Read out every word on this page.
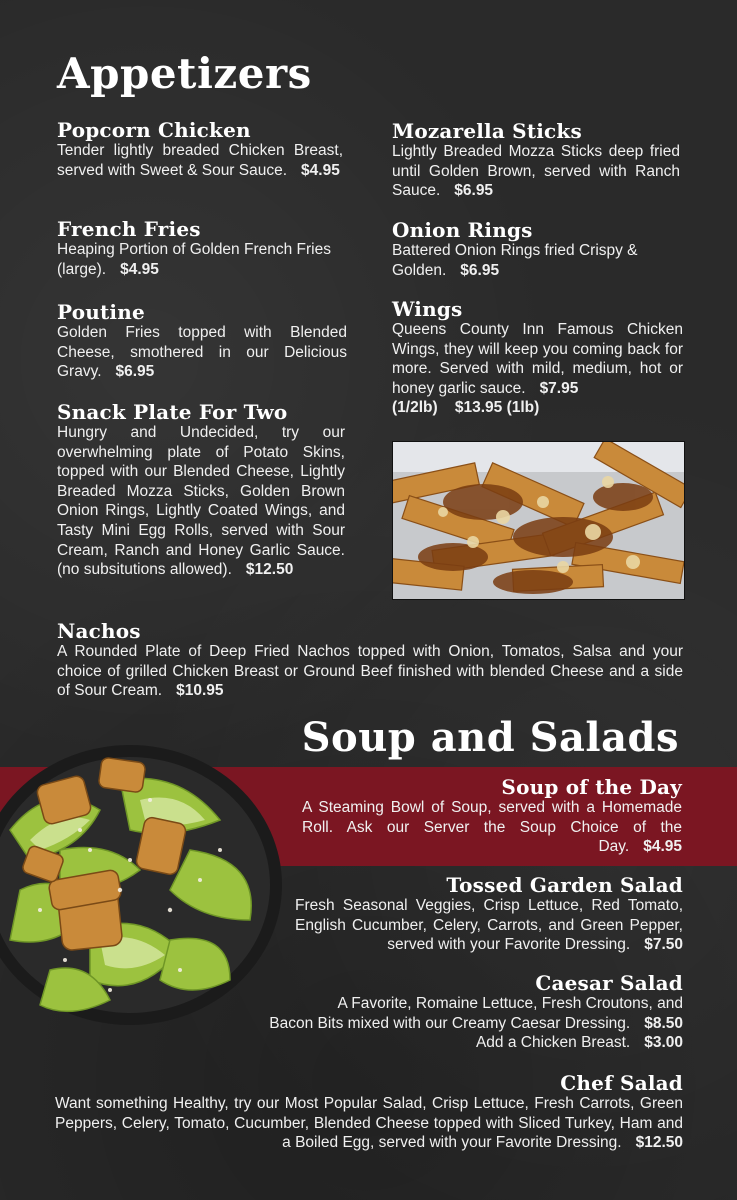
Appetizers
Popcorn Chicken

Tender lightly breaded Chicken Breast, served with Sweet & Sour Sauce. $4.95

French Fries

Heaping Portion of Golden French Fries (large). $4.95

Poutine

Golden Fries topped with Blended Cheese, smothered in our Delicious Gravy. $6.95

Snack Plate For Two

Hungry and Undecided, try our overwhelming plate of Potato Skins, topped with our Blended Cheese, Lightly Breaded Mozza Sticks, Golden Brown Onion Rings, Lightly Coated Wings, and Tasty Mini Egg Rolls, served with Sour Cream, Ranch and Honey Garlic Sauce. (no subsitutions allowed). $12.50

Mozarella Sticks

Lightly Breaded Mozza Sticks deep fried until Golden Brown, served with Ranch Sauce. $6.95

Onion Rings

Battered Onion Rings fried Crispy & Golden. $6.95

Wings

Queens County Inn Famous Chicken Wings, they will keep you coming back for more. Served with mild, medium, hot or honey garlic sauce. $7.95

(1/2lb)    $13.95 (1lb)

Nachos

A Rounded Plate of Deep Fried Nachos topped with Onion, Tomatos, Salsa and your choice of grilled Chicken Breast or Ground Beef finished with blended Cheese and a side of Sour Cream. $10.95

Soup and Salads
Soup of the Day

A Steaming Bowl of Soup, served with a Homemade Roll. Ask our Server the Soup Choice of the Day. $4.95

Tossed Garden Salad

Fresh Seasonal Veggies, Crisp Lettuce, Red Tomato, English Cucumber, Celery, Carrots, and Green Pepper, served with your Favorite Dressing. $7.50

Caesar Salad

A Favorite, Romaine Lettuce, Fresh Croutons, and

Bacon Bits mixed with our Creamy Caesar Dressing. $8.50

Add a Chicken Breast. $3.00

Chef Salad

Want something Healthy, try our Most Popular Salad, Crisp Lettuce, Fresh Carrots, Green Peppers, Celery, Tomato, Cucumber, Blended Cheese topped with Sliced Turkey, Ham and a Boiled Egg, served with your Favorite Dressing. $12.50
